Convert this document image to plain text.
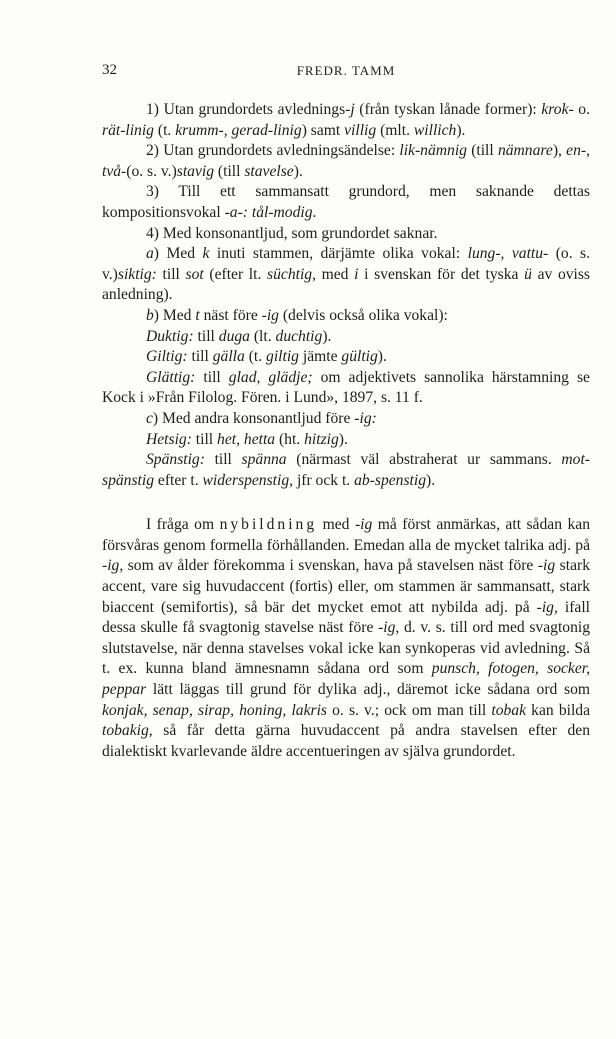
32	FREDR. TAMM

1) Utan grundordets avlednings-j (från tyskan lånade former): krok- o. rät-linig (t. krumm-, gerad-linig) samt villig (mlt. willich).

2) Utan grundordets avledningsändelse: lik-nämnig (till nämnare), en-, två-(o. s. v.)stavig (till stavelse).

3) Till ett sammansatt grundord, men saknande dettas kompositionsvokal -a-: tål-modig.

4) Med konsonantljud, som grundordet saknar.

a) Med k inuti stammen, därjämte olika vokal: lung-, vattu- (o. s. v.)siktig: till sot (efter lt. süchtig, med i i svenskan för det tyska ü av oviss anledning).

b) Med t näst före -ig (delvis också olika vokal):

Duktig: till duga (lt. duchtig).

Giltig: till gälla (t. giltig jämte gültig).

Glättig: till glad, glädje; om adjektivets sannolika härstamning se Kock i »Från Filolog. Fören. i Lund», 1897, s. 11 f.

c) Med andra konsonantljud före -ig:

Hetsig: till het, hetta (ht. hitzig).

Spänstig: till spänna (närmast väl abstraherat ur sammans. mot-spänstig efter t. widerspenstig, jfr ock t. ab-spenstig).

I fråga om nybildning med -ig må först anmärkas, att sådan kan försvåras genom formella förhållanden. Emedan alla de mycket talrika adj. på -ig, som av ålder förekomma i svenskan, hava på stavelsen näst före -ig stark accent, vare sig huvudaccent (fortis) eller, om stammen är sammansatt, stark biaccent (semifortis), så bär det mycket emot att nybilda adj. på -ig, ifall dessa skulle få svagtonig stavelse näst före -ig, d. v. s. till ord med svagtonig slutstavelse, när denna stavelses vokal icke kan synkoperas vid avledning. Så t. ex. kunna bland ämnesnamn sådana ord som punsch, fotogen, socker, peppar lätt läggas till grund för dylika adj., däremot icke sådana ord som konjak, senap, sirap, honing, lakris o. s. v.; ock om man till tobak kan bilda tobakig, så får detta gärna huvudaccent på andra stavelsen efter den dialektiskt kvarlevande äldre accentueringen av själva grundordet.
